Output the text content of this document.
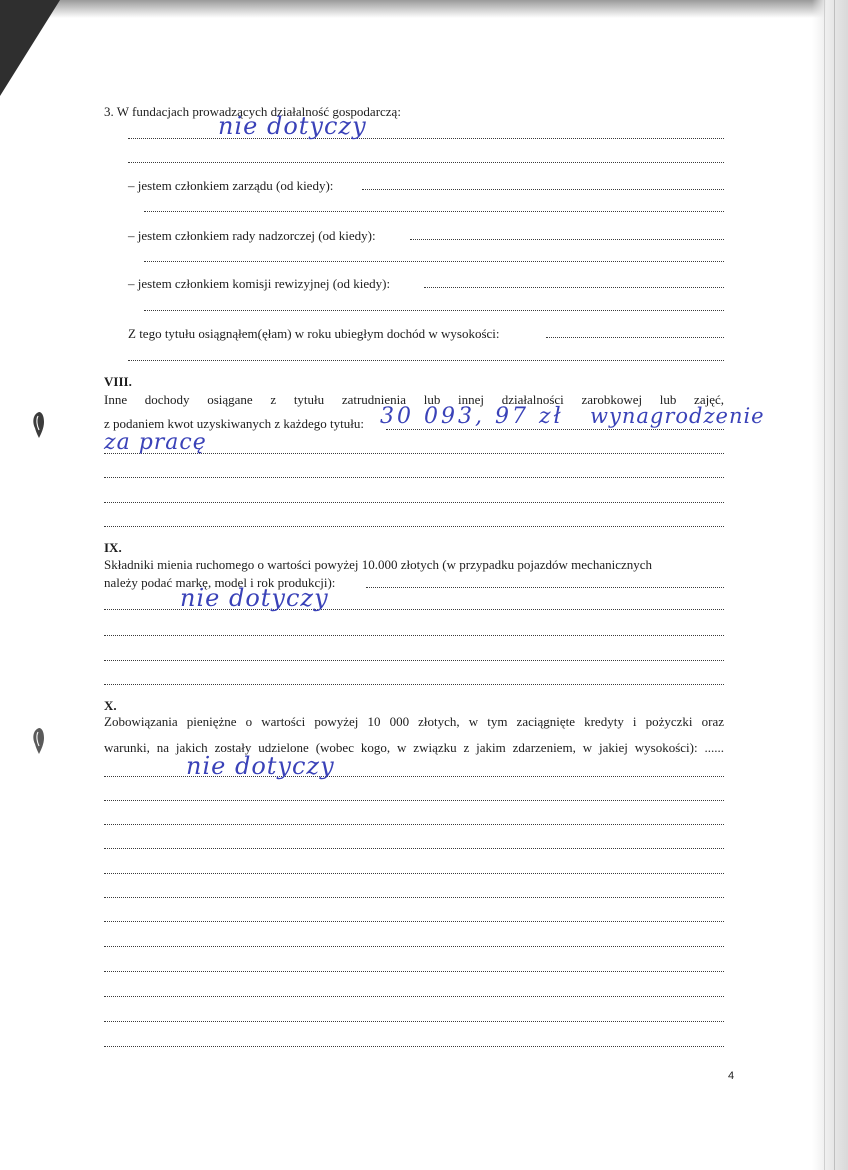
3. W fundacjach prowadzących działalność gospodarczą:
nie dotyczy
– jestem członkiem zarządu (od kiedy):
– jestem członkiem rady nadzorczej (od kiedy):
– jestem członkiem komisji rewizyjnej (od kiedy):
Z tego tytułu osiągnąłem(ęłam) w roku ubiegłym dochód w wysokości:
VIII.
Inne dochody osiągane z tytułu zatrudnienia lub innej działalności zarobkowej lub zajęć,
z podaniem kwot uzyskiwanych z każdego tytułu: 30 093, 97 zł wynagrodzenie
za pracę
IX.
Składniki mienia ruchomego o wartości powyżej 10.000 złotych (w przypadku pojazdów mechanicznych
należy podać markę, model i rok produkcji):
nie dotyczy
X.
Zobowiązania pieniężne o wartości powyżej 10 000 złotych, w tym zaciągnięte kredyty i pożyczki oraz
warunki, na jakich zostały udzielone (wobec kogo, w związku z jakim zdarzeniem, w jakiej wysokości): ......
nie dotyczy
4
